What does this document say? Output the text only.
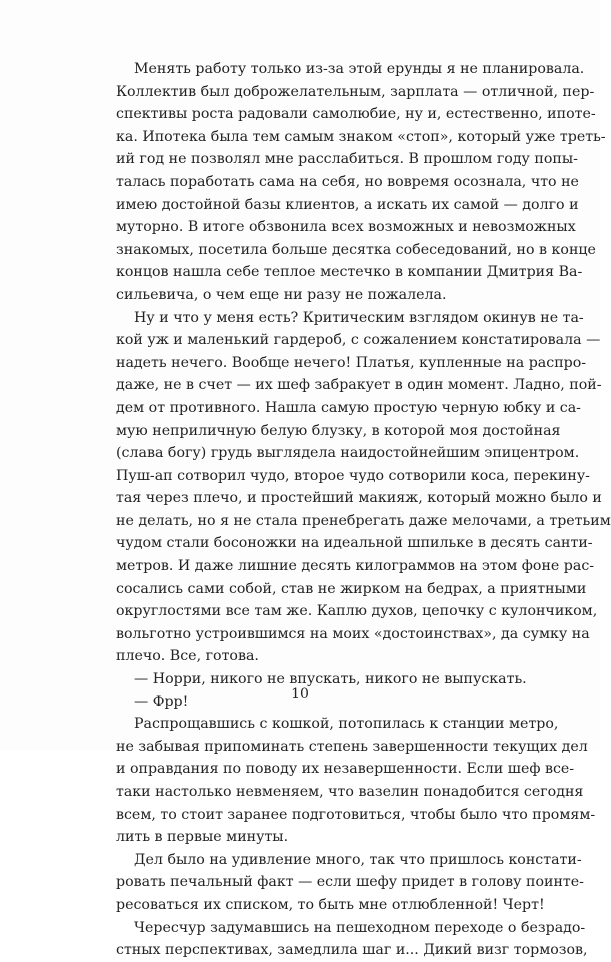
Менять работу только из-за этой ерунды я не планировала.
Коллектив был доброжелательным, зарплата — отличной, пер-
спективы роста радовали самолюбие, ну и, естественно, ипоте-
ка. Ипотека была тем самым знаком «стоп», который уже треть-
ий год не позволял мне расслабиться. В прошлом году попы-
талась поработать сама на себя, но вовремя осознала, что не
имею достойной базы клиентов, а искать их самой — долго и
муторно. В итоге обзвонила всех возможных и невозможных
знакомых, посетила больше десятка собеседований, но в конце
концов нашла себе теплое местечко в компании Дмитрия Ва-
сильевича, о чем еще ни разу не пожалела.
Ну и что у меня есть? Критическим взглядом окинув не та-
кой уж и маленький гардероб, с сожалением констатировала —
надеть нечего. Вообще нечего! Платья, купленные на распро-
даже, не в счет — их шеф забракует в один момент. Ладно, пой-
дем от противного. Нашла самую простую черную юбку и са-
мую неприличную белую блузку, в которой моя достойная
(слава богу) грудь выглядела наидостойнейшим эпицентром.
Пуш-ап сотворил чудо, второе чудо сотворили коса, перекину-
тая через плечо, и простейший макияж, который можно было и
не делать, но я не стала пренебрегать даже мелочами, а третьим
чудом стали босоножки на идеальной шпильке в десять санти-
метров. И даже лишние десять килограммов на этом фоне рас-
сосались сами собой, став не жирком на бедрах, а приятными
округлостями все там же. Каплю духов, цепочку с кулончиком,
вольготно устроившимся на моих «достоинствах», да сумку на
плечо. Все, готова.
— Норри, никого не впускать, никого не выпускать.
— Фрр!
Распрощавшись с кошкой, потопилась к станции метро,
не забывая припоминать степень завершенности текущих дел
и оправдания по поводу их незавершенности. Если шеф все-
таки настолько невменяем, что вазелин понадобится сегодня
всем, то стоит заранее подготовиться, чтобы было что промям-
лить в первые минуты.
Дел было на удивление много, так что пришлось констати-
ровать печальный факт — если шефу придет в голову поинте-
ресоваться их списком, то быть мне отлюбленной! Черт!
Чересчур задумавшись на пешеходном переходе о безрадо-
стных перспективах, замедлила шаг и... Дикий визг тормозов,
10
